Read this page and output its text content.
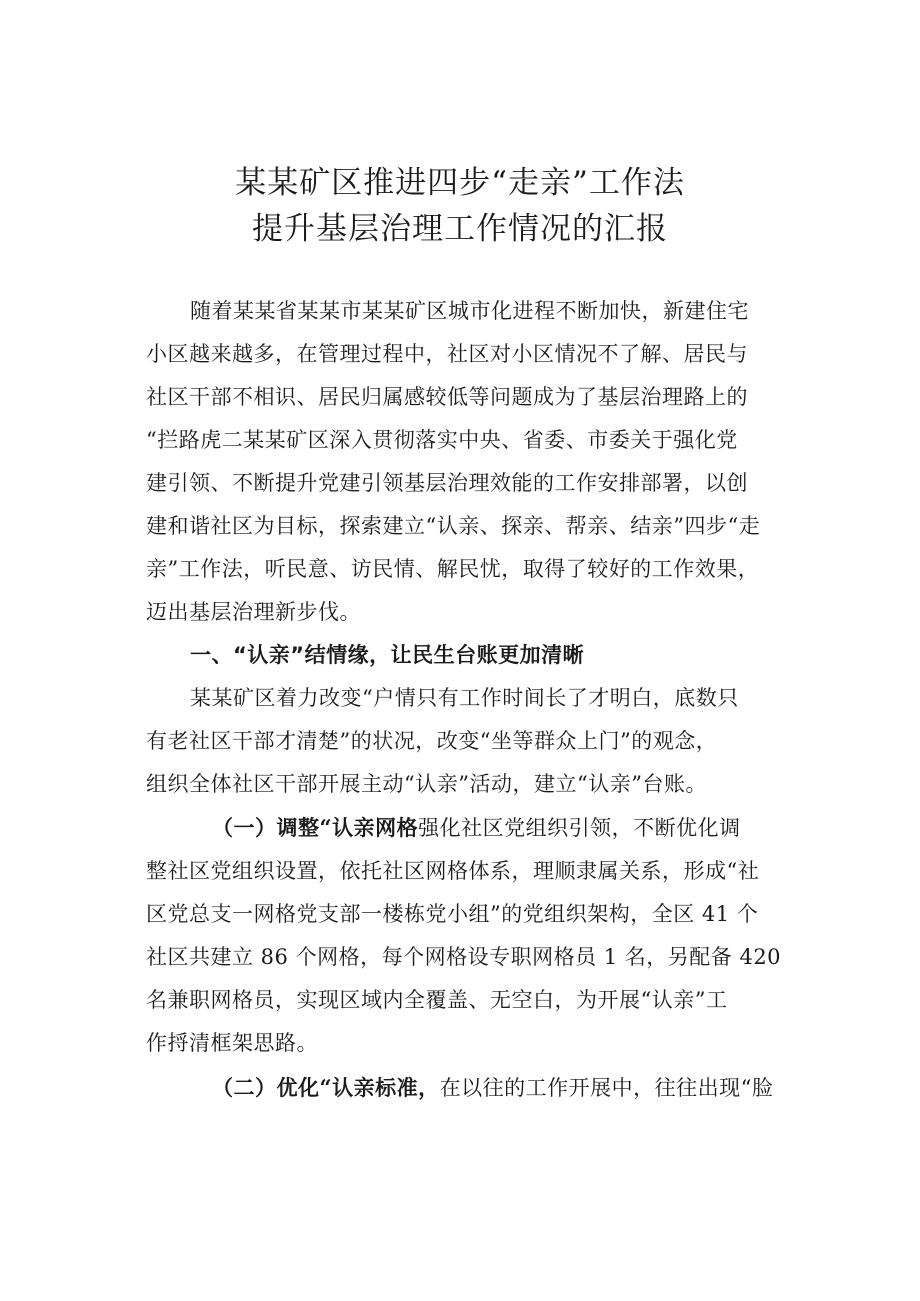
某某矿区推进四步“走亲”工作法
提升基层治理工作情况的汇报
随着某某省某某市某某矿区城市化进程不断加快，新建住宅
小区越来越多，在管理过程中，社区对小区情况不了解、居民与
社区干部不相识、居民归属感较低等问题成为了基层治理路上的
“拦路虎二某某矿区深入贯彻落实中央、省委、市委关于强化党
建引领、不断提升党建引领基层治理效能的工作安排部署，以创
建和谐社区为目标，探索建立“认亲、探亲、帮亲、结亲”四步“走
亲”工作法，听民意、访民情、解民忧，取得了较好的工作效果，
迈出基层治理新步伐。
一、“认亲”结情缘，让民生台账更加清晰
某某矿区着力改变“户情只有工作时间长了才明白，底数只
有老社区干部才清楚”的状况，改变“坐等群众上门”的观念，
组织全体社区干部开展主动“认亲”活动，建立“认亲”台账。
（一）调整“认亲网格强化社区党组织引领，不断优化调
整社区党组织设置，依托社区网格体系，理顺隶属关系，形成“社
区党总支一网格党支部一楼栋党小组”的党组织架构，全区 41 个
社区共建立 86 个网格，每个网格设专职网格员 1 名，另配备 420
名兼职网格员，实现区域内全覆盖、无空白，为开展“认亲”工
作捋清框架思路。
（二）优化“认亲标准，在以往的工作开展中，往往出现“脸
